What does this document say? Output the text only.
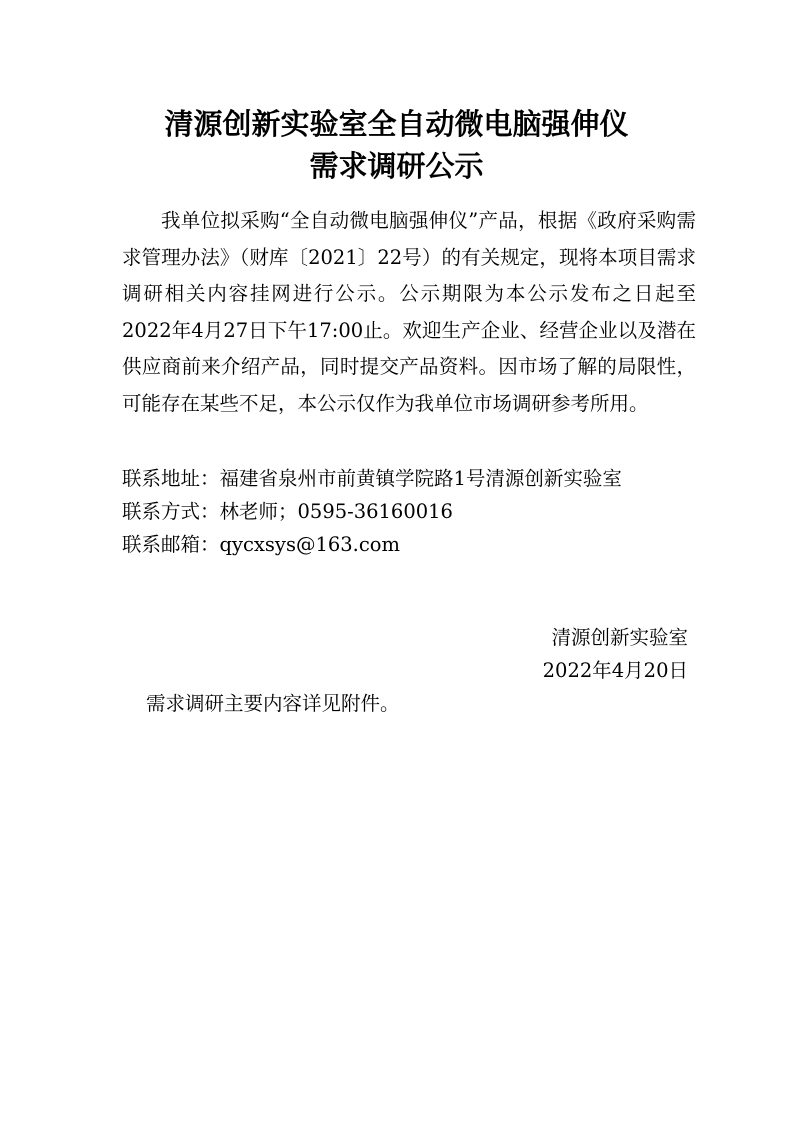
清源创新实验室全自动微电脑强伸仪
需求调研公示

我单位拟采购“全自动微电脑强伸仪”产品，根据《政府采购需求管理办法》（财库〔2021〕22号）的有关规定，现将本项目需求调研相关内容挂网进行公示。公示期限为本公示发布之日起至2022年4月27日下午17:00止。欢迎生产企业、经营企业以及潜在供应商前来介绍产品，同时提交产品资料。因市场了解的局限性，可能存在某些不足，本公示仅作为我单位市场调研参考所用。

联系地址：福建省泉州市前黄镇学院路1号清源创新实验室

联系方式：林老师；0595-36160016

联系邮箱：qycxsys@163.com

清源创新实验室

2022年4月20日

需求调研主要内容详见附件。
